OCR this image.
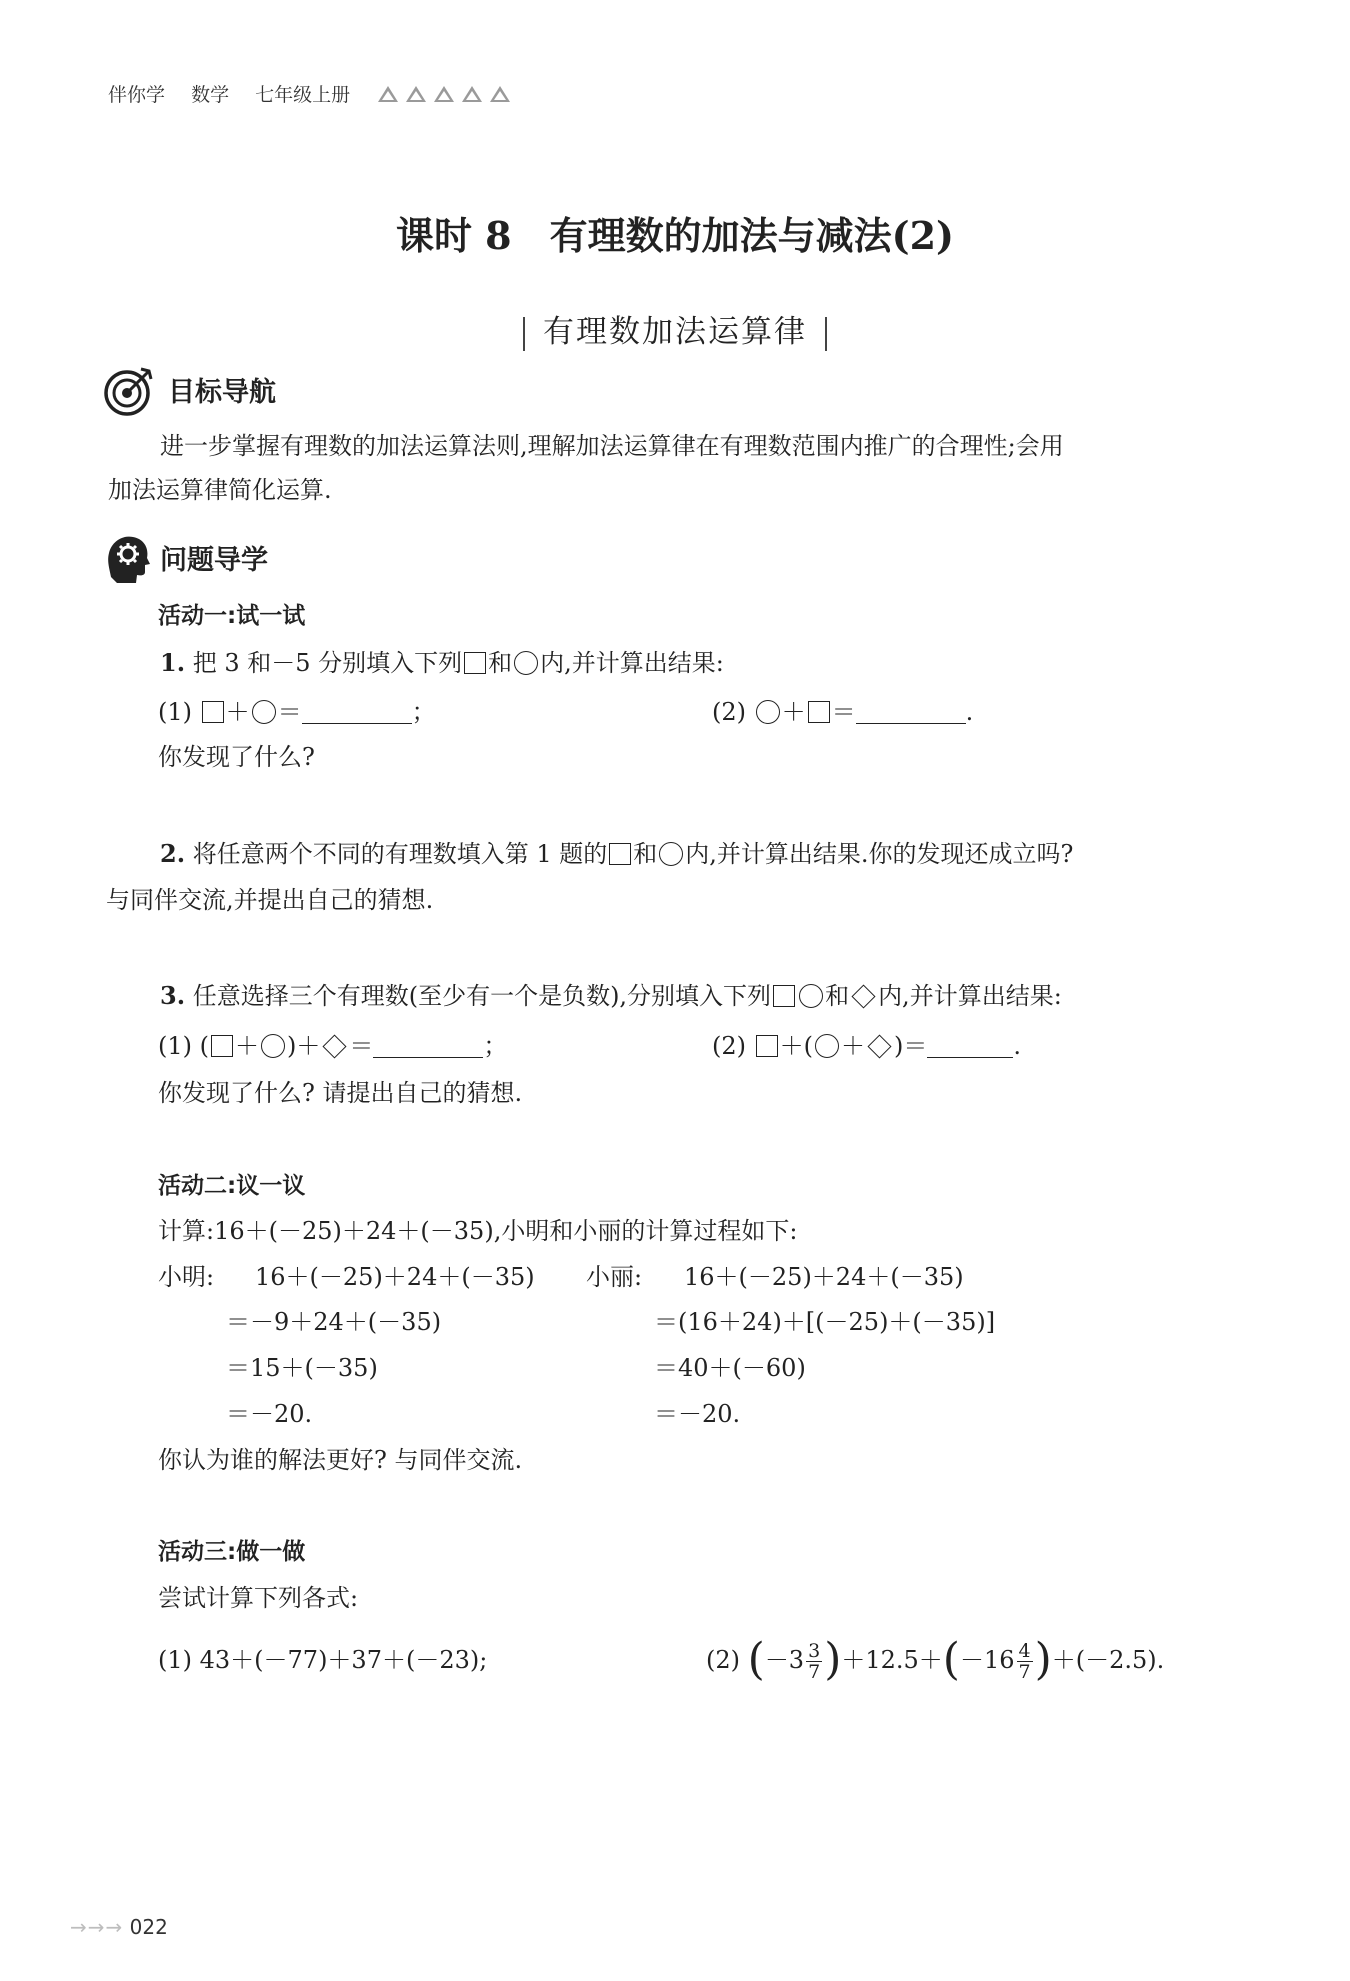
伴你学 数学 七年级上册
课时 8　有理数的加法与减法(2)
有理数加法运算律
目标导航
进一步掌握有理数的加法运算法则,理解加法运算律在有理数范围内推广的合理性;会用
加法运算律简化运算.
问题导学
活动一:试一试
1. 把 3 和－5 分别填入下列 和 内,并计算出结果:
(1) ＋ ＝	；	(2) ＋ ＝	.
你发现了什么?
2. 将任意两个不同的有理数填入第 1 题的 和 内,并计算出结果.你的发现还成立吗?
与同伴交流,并提出自己的猜想.
3. 任意选择三个有理数(至少有一个是负数),分别填入下列 和 内,并计算出结果:
(1) ( ＋ )＋ ＝	；	(2) ＋( ＋ )＝	.
你发现了什么? 请提出自己的猜想.
活动二:议一议
计算:16＋(－25)＋24＋(－35),小明和小丽的计算过程如下:
小明: 16＋(－25)＋24＋(－35)
＝－9＋24＋(－35)
＝15＋(－35)
＝－20.
小丽: 16＋(－25)＋24＋(－35)
＝(16＋24)＋[(－25)＋(－35)]
＝40＋(－60)
＝－20.
你认为谁的解法更好? 与同伴交流.
活动三:做一做
尝试计算下列各式:
(1) 43＋(－77)＋37＋(－23);	(2) $(-3 \frac{3}{7} )+12.5+(-16 \frac{4}{7} )+(-2.5)$.
→→→ 022
